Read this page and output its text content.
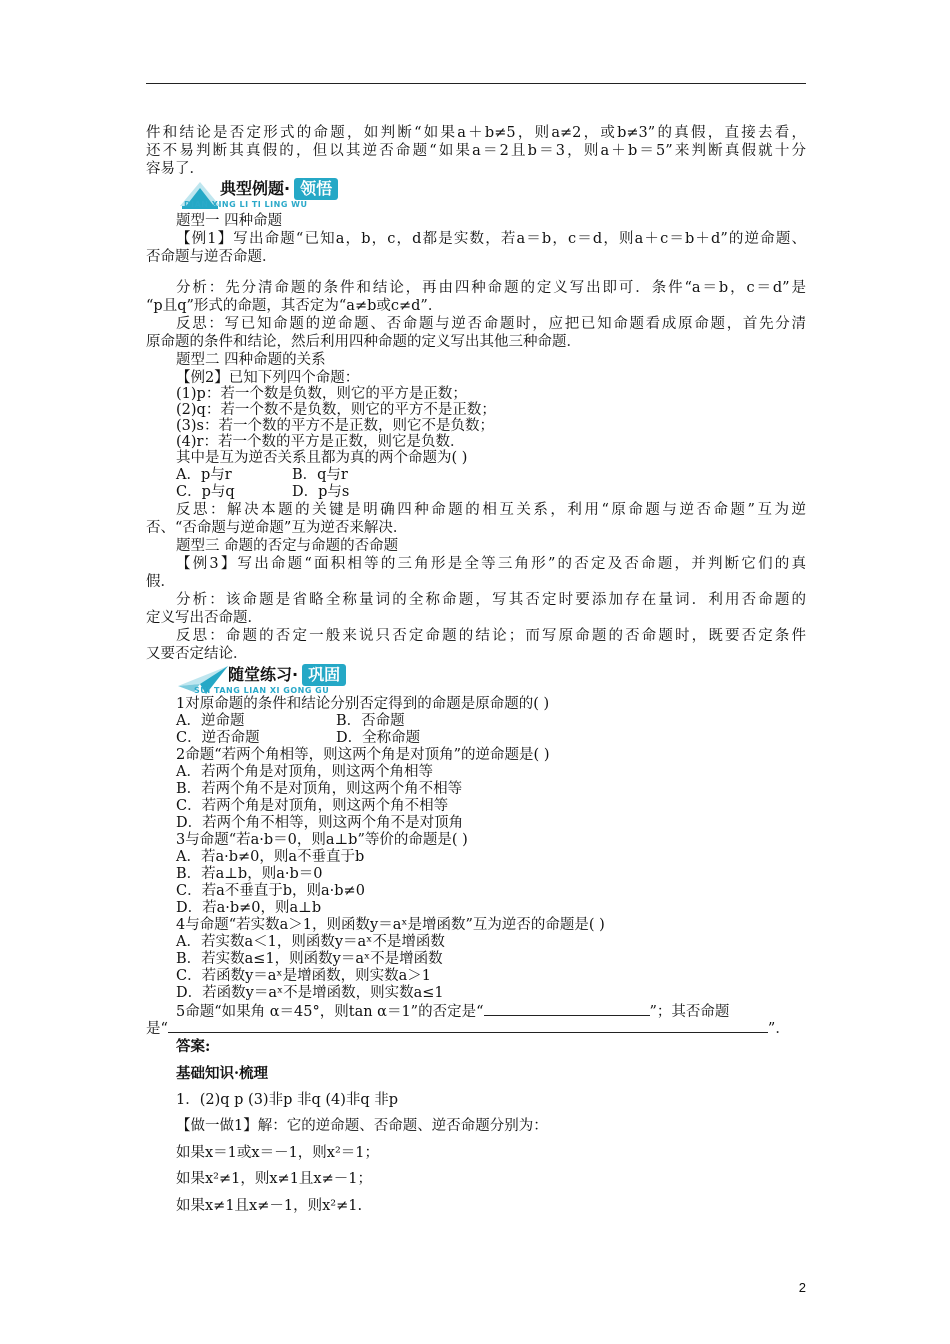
件和结论是否定形式的命题，如判断“如果a＋b≠5，则a≠2，或b≠3”的真假，直接去看，
还不易判断其真假的，但以其逆否命题“如果a＝2且b＝3，则a＋b＝5”来判断真假就十分
容易了．
典型例题· 领悟
DIAN XING LI TI LING WU
题型一 四种命题
【例1】写出命题“已知a，b，c，d都是实数，若a＝b，c＝d，则a＋c＝b＋d”的逆命题、
否命题与逆否命题．
分析：先分清命题的条件和结论，再由四种命题的定义写出即可．条件“a＝b，c＝d”是
“p且q”形式的命题，其否定为“a≠b或c≠d”．
反思：写已知命题的逆命题、否命题与逆否命题时，应把已知命题看成原命题，首先分清
原命题的条件和结论，然后利用四种命题的定义写出其他三种命题．
题型二 四种命题的关系
【例2】已知下列四个命题：
(1)p：若一个数是负数，则它的平方是正数；
(2)q：若一个数不是负数，则它的平方不是正数；
(3)s：若一个数的平方不是正数，则它不是负数；
(4)r：若一个数的平方是正数，则它是负数．
其中是互为逆否关系且都为真的两个命题为( )
A．p与r	B．q与r
C．p与q	D．p与s
反思：解决本题的关键是明确四种命题的相互关系，利用“原命题与逆否命题”互为逆
否、“否命题与逆命题”互为逆否来解决．
题型三 命题的否定与命题的否命题
【例3】写出命题“面积相等的三角形是全等三角形”的否定及否命题，并判断它们的真
假．
分析：该命题是省略全称量词的全称命题，写其否定时要添加存在量词．利用否命题的
定义写出否命题．
反思：命题的否定一般来说只否定命题的结论；而写原命题的否命题时，既要否定条件
又要否定结论．
随堂练习· 巩固
SUI TANG LIAN XI GONG GU
1对原命题的条件和结论分别否定得到的命题是原命题的( )
A．逆命题	B．否命题
C．逆否命题	D．全称命题
2命题“若两个角相等，则这两个角是对顶角”的逆命题是( )
A．若两个角是对顶角，则这两个角相等
B．若两个角不是对顶角，则这两个角不相等
C．若两个角是对顶角，则这两个角不相等
D．若两个角不相等，则这两个角不是对顶角
3与命题“若a·b＝0，则a⊥b”等价的命题是( )
A．若a·b≠0，则a不垂直于b
B．若a⊥b，则a·b＝0
C．若a不垂直于b，则a·b≠0
D．若a·b≠0，则a⊥b
4与命题“若实数a＞1，则函数y＝aˣ是增函数”互为逆否的命题是( )
A．若实数a＜1，则函数y＝aˣ不是增函数
B．若实数a≤1，则函数y＝aˣ不是增函数
C．若函数y＝aˣ是增函数，则实数a＞1
D．若函数y＝aˣ不是增函数，则实数a≤1
5命题“如果角 α＝45°，则tan α＝1”的否定是“	”；其否命题
是“	”．
答案:
基础知识·梳理
1．(2)q p (3)非p 非q (4)非q 非p
【做一做1】解：它的逆命题、否命题、逆否命题分别为：
如果x＝1或x＝－1，则x²＝1；
如果x²≠1，则x≠1且x≠－1；
如果x≠1且x≠－1，则x²≠1.
2
